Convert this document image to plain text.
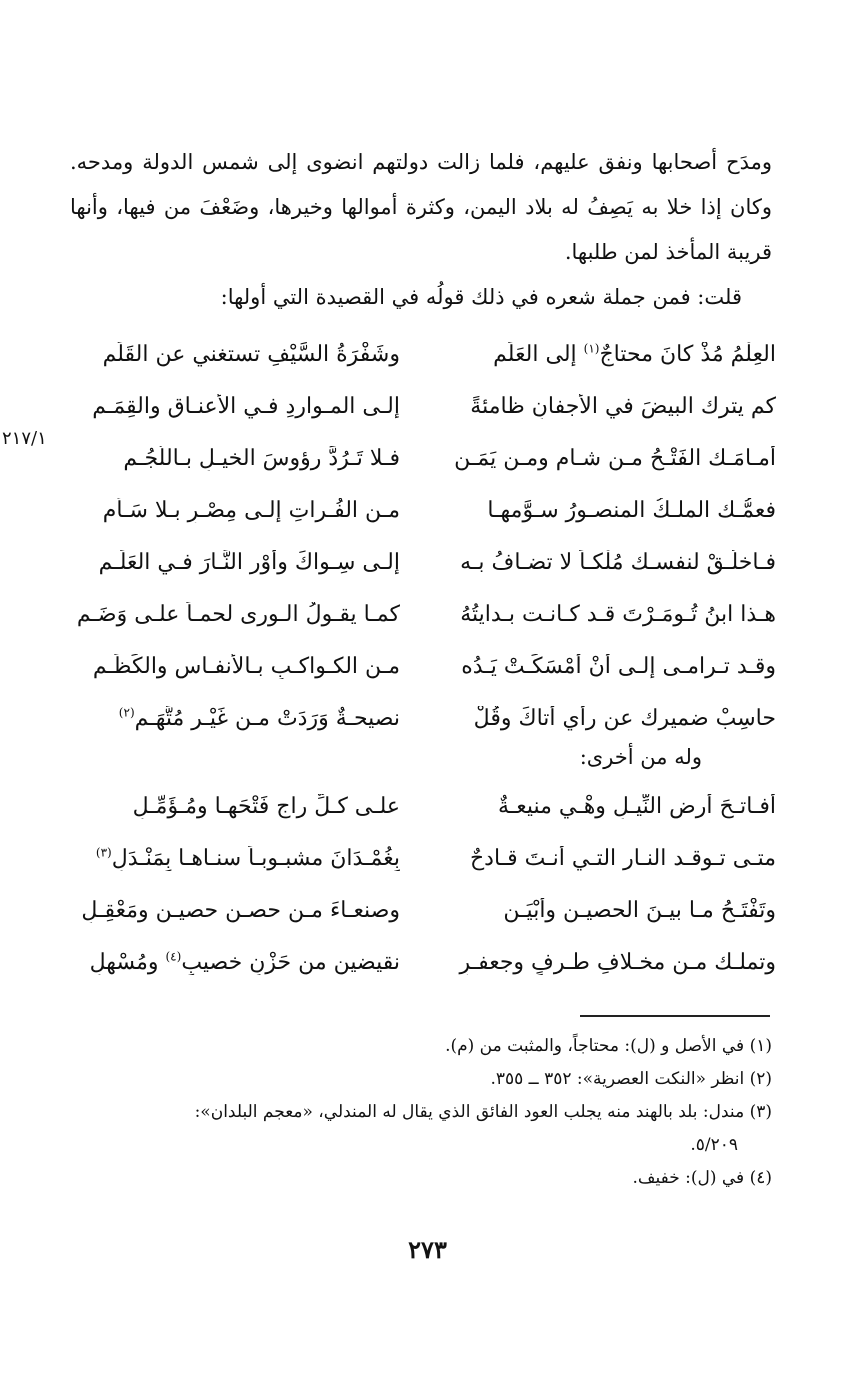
ومدَح أصحابها ونفق عليهم، فلما زالت دولتهم انضوى إلى شمس الدولة ومدحه. وكان إذا خلا به يَصِفُ له بلاد اليمن، وكثرة أموالها وخيرها، وضَعْفَ من فيها، وأنها قريبة المأخذ لمن طلبها.

قلت: فمن جملة شعره في ذلك قولُه في القصيدة التي أولها:

٢١٧/١
العِلْمُ مُذْ كانَ محتاجٌ$^{(١)}$ إلى العَلَمِ
وشَفْرَةُ السَّيْفِ تستغني عن القَلَمِ
كم يترك البيضَ في الأجفانِ ظامئةً
إلـى المـواردِ فـي الأعنـاقِ والقِمَـمِ
أمـامَـك الفَتْـحُ مـن شـامٍ ومـن يَمَـنٍ
فـلا تَـرُدَّ رؤوسَ الخيـلِ بـاللُّجُـمِ
فعمُّـك الملـكُ المنصـورُ سـوَّمهـا
مـن الفُـراتِ إلـى مِصْـرٍ بـلا سَـأَمِ
فـاخلُـقْ لنفسـك مُلْكـاً لا تضـافُ بـه
إلـى سِـواكَ وأَوْرِ النَّـارَ فـي العَلَـمِ
هـذا ابنُ تُـومَـرْتَ قـد كـانـت بـدايتُهُ
كمـا يقـولُ الـورى لحمـاً علـى وَضَـمِ
وقـد تـرامـى إلـى أنْ أَمْسَكَـتْ يَـدُه
مـن الكـواكـبِ بـالأنفـاسِ والكَظَـمِ
حاسِبْ ضميرك عن رأيٍ أتاكَ وقُلْ
نصيحـةٌ وَرَدَتْ مـن غَيْـرِ مُتَّهَـمِ$^{(٢)}$
وله من أخرى:
أفـاتـحَ أرضِ النِّيـلِ وهْـي منيعـةٌ
علـى كـلِّ راجٍ فَتْحَهـا ومُـؤَمِّـلِ
متـى تـوقـد النـار التـي أنـتَ قـادحٌ
بِغُمْـدَانَ مشبـوبـاً سنـاهـا بِمَنْـدَلِ$^{(٣)}$
وتَفْتَـحُ مـا بيـنَ الحصيـنِ وأبْيَـنٍ
وصنعـاءَ مـن حصـنٍ حصيـنٍ ومَعْقِـلِ
وتملـك مـن مخـلافِ طـرفٍ وجعفـرٍ
نقيضين من حَزْنٍ خصيبٍ$^{(٤)}$ ومُسْهلِ

(١) في الأصل و (ل): محتاجاً، والمثبت من (م).

(٢) انظر «النكت العصرية»: ٣٥٢ ــ ٣٥٥.

(٣) مندل: بلد بالهند منه يجلب العود الفائق الذي يقال له المندلي، «معجم البلدان»:

٥/٢٠٩.

(٤) في (ل): خفيف.

٢٧٣
